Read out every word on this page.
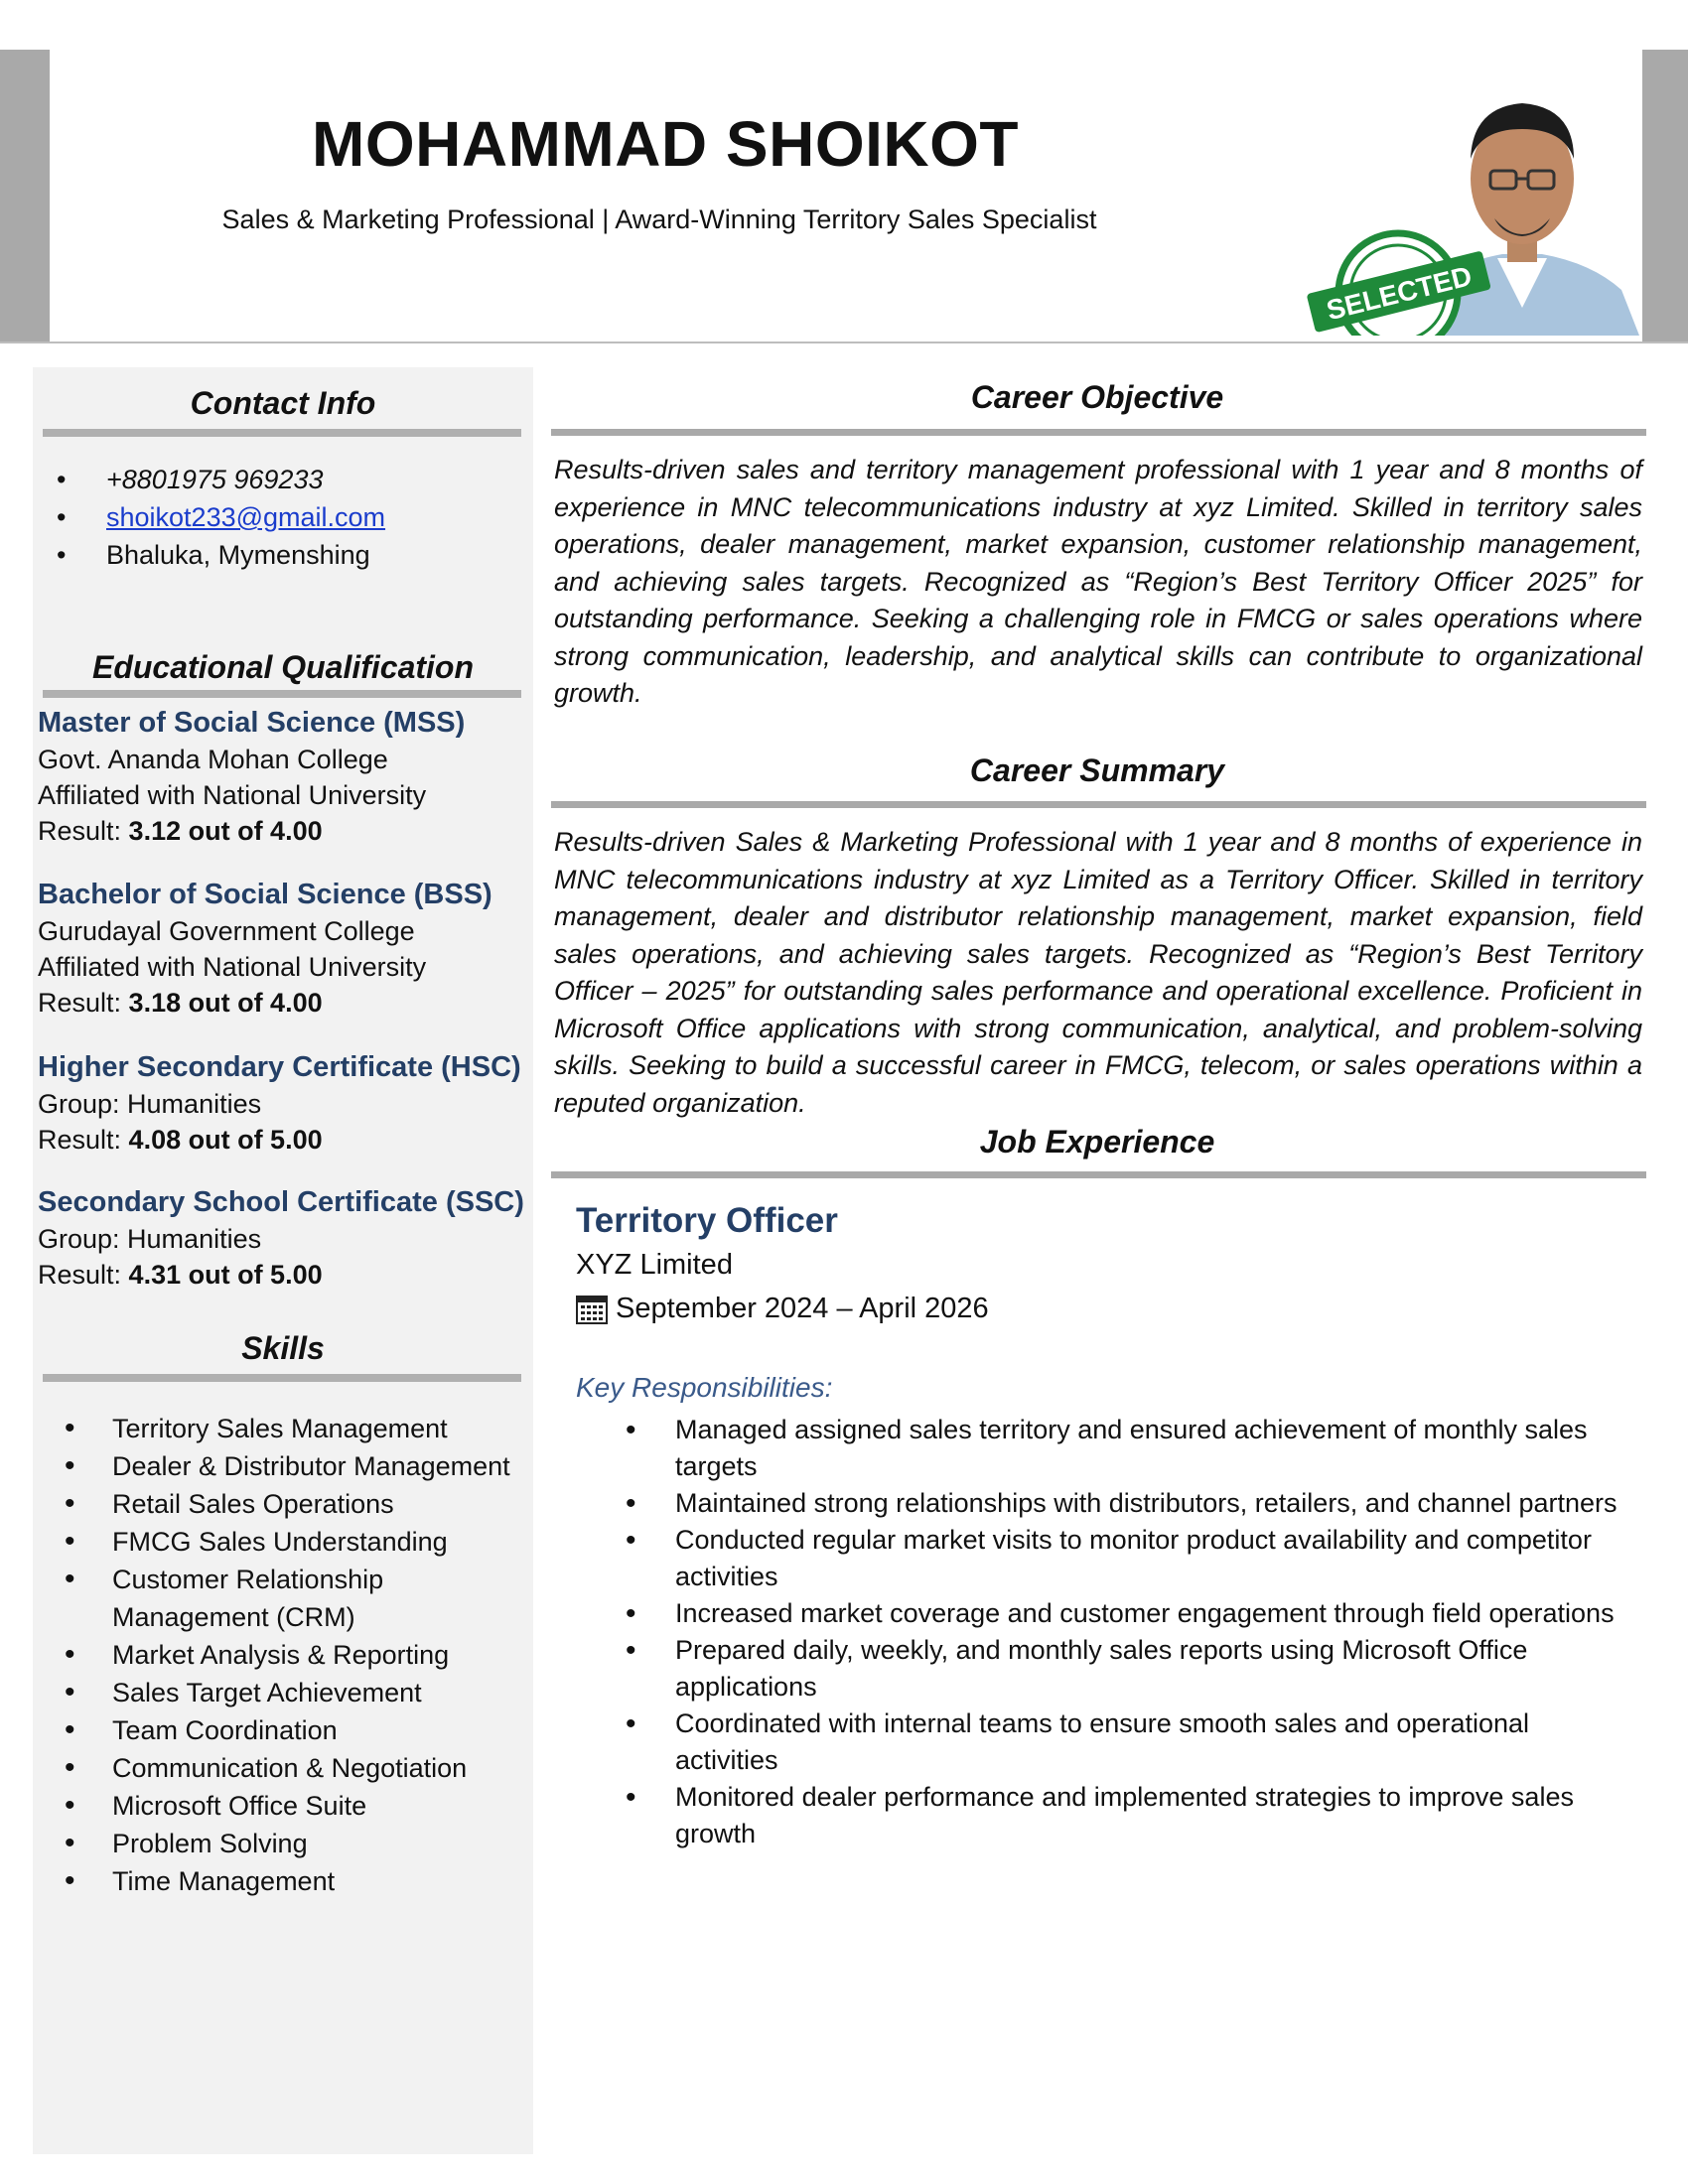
MOHAMMAD SHOIKOT
Sales & Marketing Professional | Award-Winning Territory Sales Specialist
SELECTED
Contact Info
• +8801975 969233
• shoikot233@gmail.com
• Bhaluka, Mymenshing
Educational Qualification
Master of Social Science (MSS)
Govt. Ananda Mohan College
Affiliated with National University
Result: 3.12 out of 4.00
Bachelor of Social Science (BSS)
Gurudayal Government College
Affiliated with National University
Result: 3.18 out of 4.00
Higher Secondary Certificate (HSC)
Group: Humanities
Result: 4.08 out of 5.00
Secondary School Certificate (SSC)
Group: Humanities
Result: 4.31 out of 5.00
Skills
• Territory Sales Management
• Dealer & Distributor Management
• Retail Sales Operations
• FMCG Sales Understanding
• Customer Relationship Management (CRM)
• Market Analysis & Reporting
• Sales Target Achievement
• Team Coordination
• Communication & Negotiation
• Microsoft Office Suite
• Problem Solving
• Time Management
Career Objective
Results-driven sales and territory management professional with 1 year and 8 months of experience in MNC telecommunications industry at xyz Limited. Skilled in territory sales operations, dealer management, market expansion, customer relationship management, and achieving sales targets. Recognized as “Region’s Best Territory Officer 2025” for outstanding performance. Seeking a challenging role in FMCG or sales operations where strong communication, leadership, and analytical skills can contribute to organizational growth.
Career Summary
Results-driven Sales & Marketing Professional with 1 year and 8 months of experience in MNC telecommunications industry at xyz Limited as a Territory Officer. Skilled in territory management, dealer and distributor relationship management, market expansion, field sales operations, and achieving sales targets. Recognized as “Region’s Best Territory Officer – 2025” for outstanding sales performance and operational excellence. Proficient in Microsoft Office applications with strong communication, analytical, and problem-solving skills. Seeking to build a successful career in FMCG, telecom, or sales operations within a reputed organization.
Job Experience
Territory Officer
XYZ Limited
September 2024 – April 2026
Key Responsibilities:
• Managed assigned sales territory and ensured achievement of monthly sales targets
• Maintained strong relationships with distributors, retailers, and channel partners
• Conducted regular market visits to monitor product availability and competitor activities
• Increased market coverage and customer engagement through field operations
• Prepared daily, weekly, and monthly sales reports using Microsoft Office applications
• Coordinated with internal teams to ensure smooth sales and operational activities
• Monitored dealer performance and implemented strategies to improve sales growth
